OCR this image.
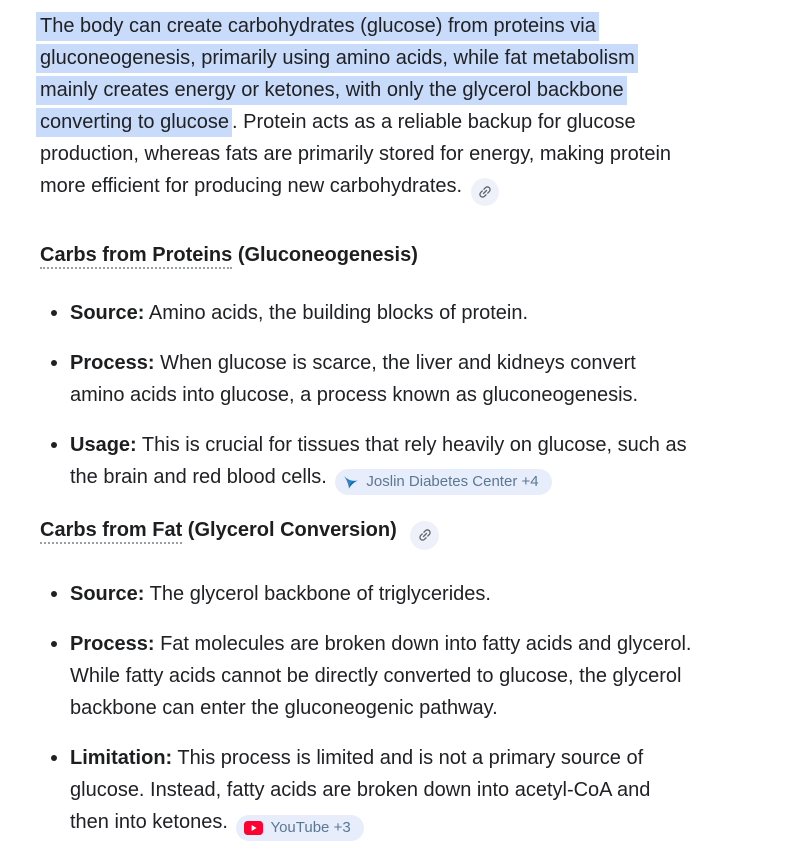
The body can create carbohydrates (glucose) from proteins via
gluconeogenesis, primarily using amino acids, while fat metabolism
mainly creates energy or ketones, with only the glycerol backbone
converting to glucose . Protein acts as a reliable backup for glucose
production, whereas fats are primarily stored for energy, making protein
more efficient for producing new carbohydrates.

Carbs from Proteins (Gluconeogenesis)
Source: Amino acids, the building blocks of protein.
Process: When glucose is scarce, the liver and kidneys convert
amino acids into glucose, a process known as gluconeogenesis.
Usage: This is crucial for tissues that rely heavily on glucose, such as
the brain and red blood cells.	Joslin Diabetes Center +4
Carbs from Fat (Glycerol Conversion)
Source: The glycerol backbone of triglycerides.
Process: Fat molecules are broken down into fatty acids and glycerol.
While fatty acids cannot be directly converted to glucose, the glycerol
backbone can enter the gluconeogenic pathway.
Limitation: This process is limited and is not a primary source of
glucose. Instead, fatty acids are broken down into acetyl-CoA and
then into ketones.	YouTube +3
